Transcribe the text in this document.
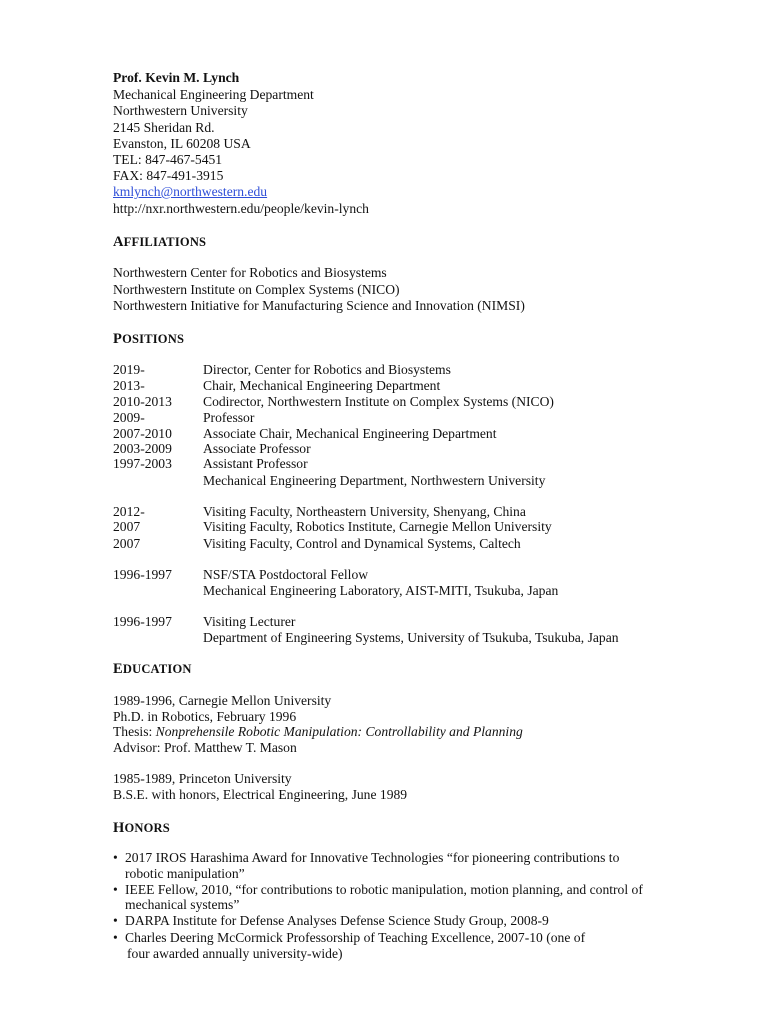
Prof. Kevin M. Lynch
Mechanical Engineering Department
Northwestern University
2145 Sheridan Rd.
Evanston, IL 60208 USA
TEL: 847-467-5451
FAX: 847-491-3915
kmlynch@northwestern.edu
http://nxr.northwestern.edu/people/kevin-lynch
AFFILIATIONS
Northwestern Center for Robotics and Biosystems
Northwestern Institute on Complex Systems (NICO)
Northwestern Initiative for Manufacturing Science and Innovation (NIMSI)
POSITIONS
2019-	Director, Center for Robotics and Biosystems
2013-	Chair, Mechanical Engineering Department
2010-2013 Codirector, Northwestern Institute on Complex Systems (NICO)
2009-	Professor
2007-2010 Associate Chair, Mechanical Engineering Department
2003-2009 Associate Professor
1997-2003 Assistant Professor
Mechanical Engineering Department, Northwestern University
2012-	Visiting Faculty, Northeastern University, Shenyang, China
2007	Visiting Faculty, Robotics Institute, Carnegie Mellon University
2007	Visiting Faculty, Control and Dynamical Systems, Caltech
1996-1997 NSF/STA Postdoctoral Fellow
Mechanical Engineering Laboratory, AIST-MITI, Tsukuba, Japan
1996-1997 Visiting Lecturer
Department of Engineering Systems, University of Tsukuba, Tsukuba, Japan
EDUCATION
1989-1996, Carnegie Mellon University
Ph.D. in Robotics, February 1996
Thesis: Nonprehensile Robotic Manipulation: Controllability and Planning
Advisor: Prof. Matthew T. Mason
1985-1989, Princeton University
B.S.E. with honors, Electrical Engineering, June 1989
HONORS
• 2017 IROS Harashima Award for Innovative Technologies “for pioneering contributions to
robotic manipulation”
• IEEE Fellow, 2010, “for contributions to robotic manipulation, motion planning, and control of
mechanical systems”
• DARPA Institute for Defense Analyses Defense Science Study Group, 2008-9
• Charles Deering McCormick Professorship of Teaching Excellence, 2007-10 (one of
four awarded annually university-wide)
